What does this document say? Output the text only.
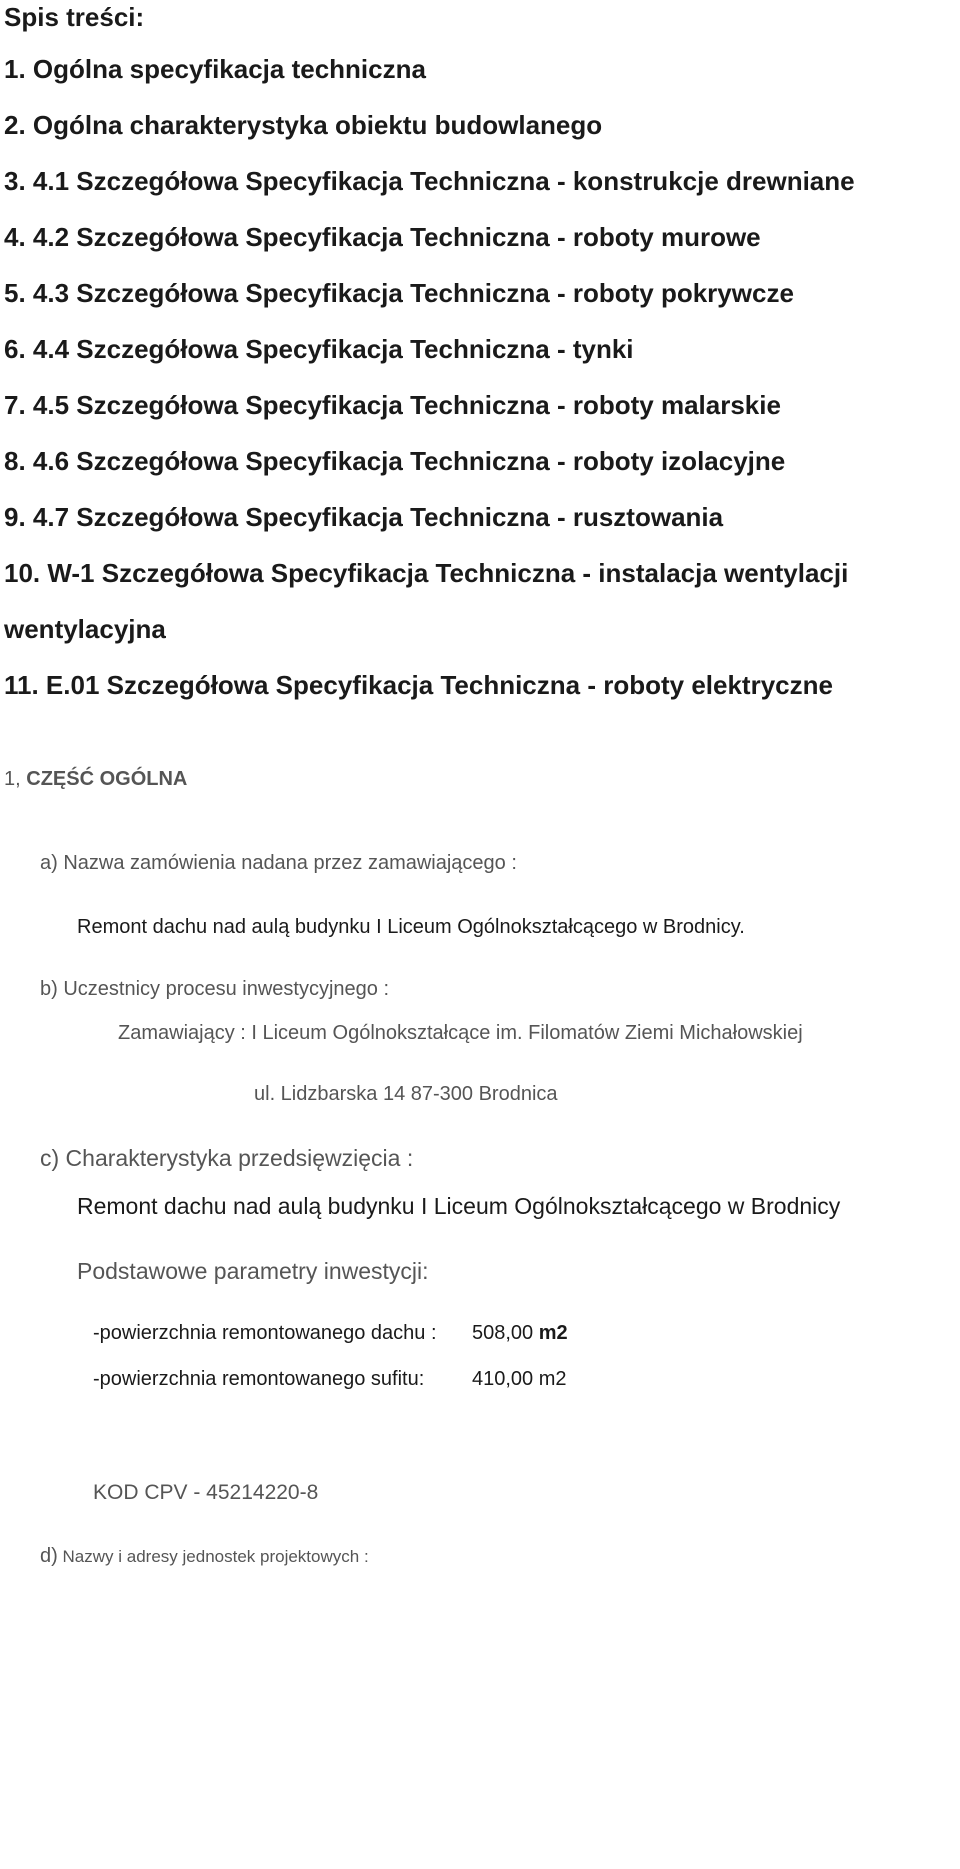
Spis treści:
1. Ogólna specyfikacja techniczna
2. Ogólna charakterystyka obiektu budowlanego
3. 4.1 Szczegółowa Specyfikacja Techniczna - konstrukcje drewniane
4. 4.2 Szczegółowa Specyfikacja Techniczna - roboty murowe
5. 4.3 Szczegółowa Specyfikacja Techniczna - roboty pokrywcze
6. 4.4 Szczegółowa Specyfikacja Techniczna - tynki
7. 4.5 Szczegółowa Specyfikacja Techniczna - roboty malarskie
8. 4.6 Szczegółowa Specyfikacja Techniczna - roboty izolacyjne
9. 4.7 Szczegółowa Specyfikacja Techniczna - rusztowania
10. W-1 Szczegółowa Specyfikacja Techniczna - instalacja wentylacji
wentylacyjna
11. E.01 Szczegółowa Specyfikacja Techniczna - roboty elektryczne
1, CZĘŚĆ OGÓLNA
a) Nazwa zamówienia nadana przez zamawiającego :
Remont dachu nad aulą budynku I Liceum Ogólnokształcącego w Brodnicy.
b) Uczestnicy procesu inwestycyjnego :
Zamawiający : I Liceum Ogólnokształcące im. Filomatów Ziemi Michałowskiej
ul. Lidzbarska 14 87-300 Brodnica
c) Charakterystyka przedsięwzięcia :
Remont dachu nad aulą budynku I Liceum Ogólnokształcącego w Brodnicy
Podstawowe parametry inwestycji:
-powierzchnia remontowanego dachu : 508,00 m2
-powierzchnia remontowanego sufitu: 410,00 m2
KOD CPV - 45214220-8
d) Nazwy i adresy jednostek projektowych :
